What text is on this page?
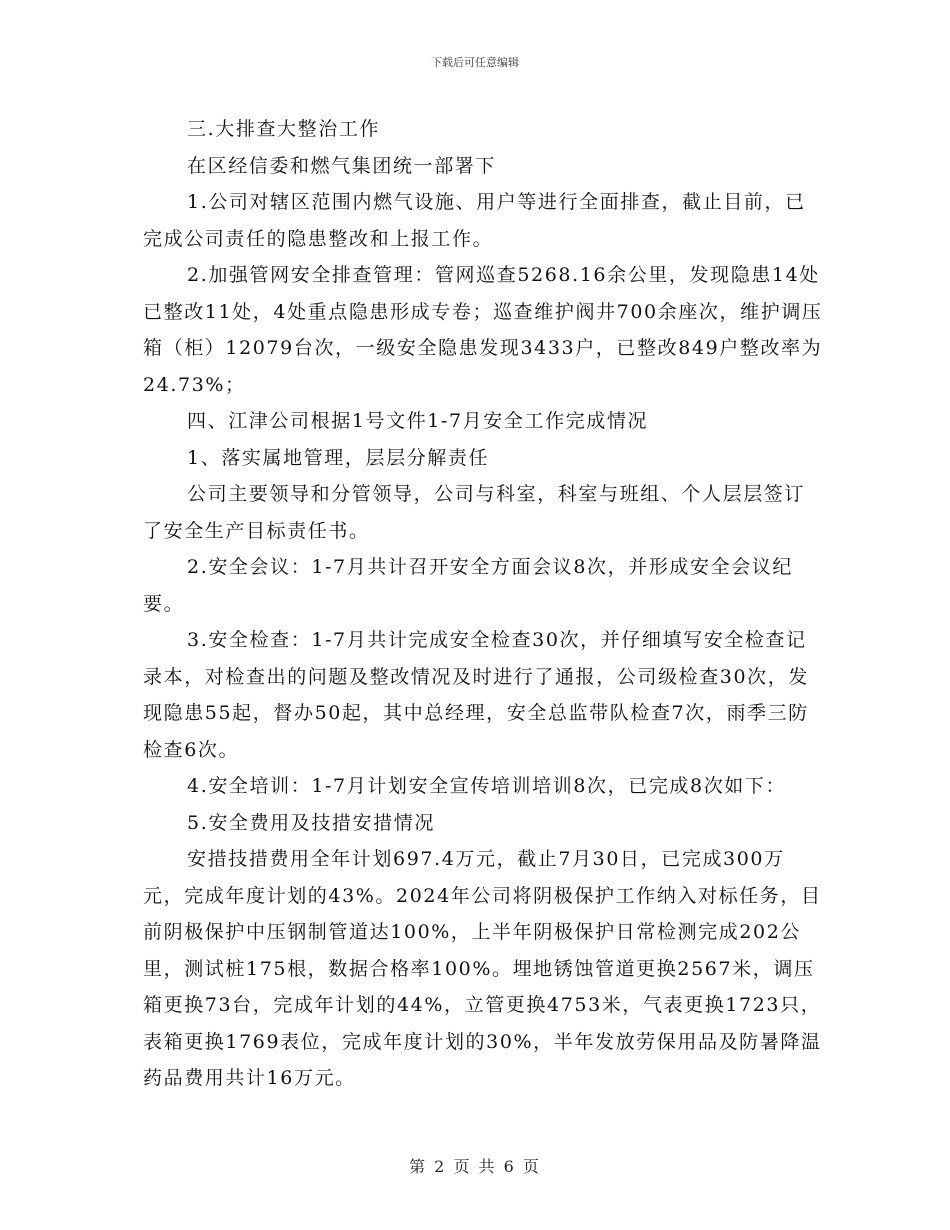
下载后可任意编辑

三.大排查大整治工作

在区经信委和燃气集团统一部署下

1.公司对辖区范围内燃气设施、用户等进行全面排查，截止目前，已完成公司责任的隐患整改和上报工作。

2.加强管网安全排查管理：管网巡查5268.16余公里，发现隐患14处已整改11处，4处重点隐患形成专卷；巡查维护阀井700余座次，维护调压箱（柜）12079台次，一级安全隐患发现3433户，已整改849户整改率为24.73%；

四、江津公司根据1号文件1-7月安全工作完成情况

1、落实属地管理，层层分解责任

公司主要领导和分管领导，公司与科室，科室与班组、个人层层签订了安全生产目标责任书。

2.安全会议：1-7月共计召开安全方面会议8次，并形成安全会议纪要。

3.安全检查：1-7月共计完成安全检查30次，并仔细填写安全检查记录本，对检查出的问题及整改情况及时进行了通报，公司级检查30次，发现隐患55起，督办50起，其中总经理，安全总监带队检查7次，雨季三防检查6次。

4.安全培训：1-7月计划安全宣传培训培训8次，已完成8次如下：

5.安全费用及技措安措情况

安措技措费用全年计划697.4万元，截止7月30日，已完成300万元，完成年度计划的43%。2024年公司将阴极保护工作纳入对标任务，目前阴极保护中压钢制管道达100%，上半年阴极保护日常检测完成202公里，测试桩175根，数据合格率100%。埋地锈蚀管道更换2567米，调压箱更换73台，完成年计划的44%，立管更换4753米，气表更换1723只，表箱更换1769表位，完成年度计划的30%，半年发放劳保用品及防暑降温药品费用共计16万元。

第 2 页 共 6 页
